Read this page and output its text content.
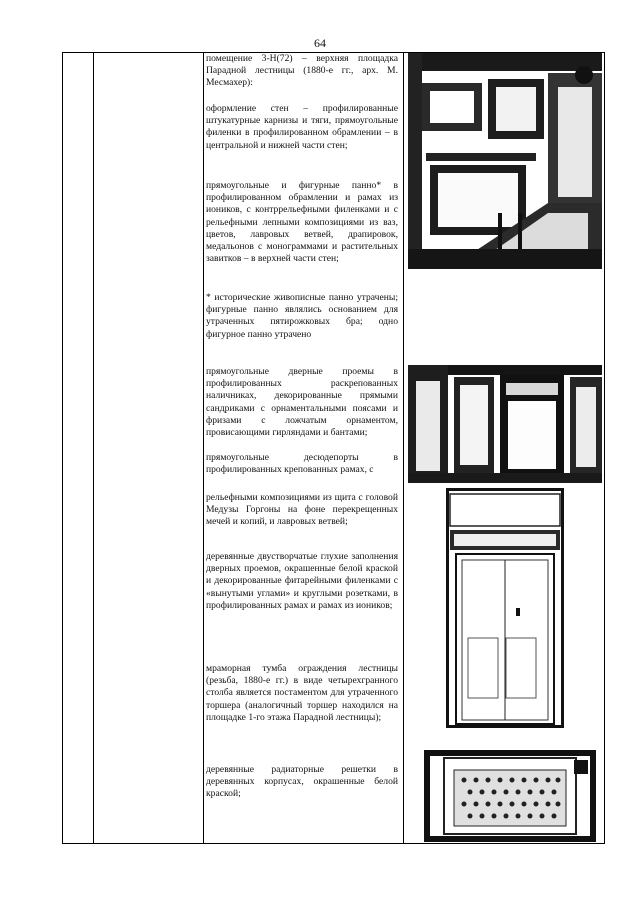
64
помещение 3-Н(72) – верхняя площадка Парадной лестницы (1880-е гг., арх. М. Месмахер):
оформление стен – профилированные штукатурные карнизы и тяги, прямоугольные филенки в профилированном обрамлении – в центральной и нижней части стен;
прямоугольные и фигурные панно* в профилированном обрамлении и рамах из иоников, с контррельефными филенками и с рельефными лепными композициями из ваз, цветов, лавровых ветвей, драпировок, медальонов с монограммами и растительных завитков – в верхней части стен;
* исторические живописные панно утрачены; фигурные панно являлись основанием для утраченных пятирожковых бра; одно фигурное панно утрачено
прямоугольные дверные проемы в профилированных раскрепованных наличниках, декорированные прямыми сандриками с орнаментальными поясами и фризами с ложчатым орнаментом, провисающими гирляндами и бантами;
прямоугольные десюдепорты в профилированных крепованных рамах, с
рельефными композициями из щита с головой Медузы Горгоны на фоне перекрещенных мечей и копий, и лавровых ветвей;
деревянные двустворчатые глухие заполнения дверных проемов, окрашенные белой краской и декорированные фитарейными филенками с «вынутыми углами» и круглыми розетками, в профилированных рамах и рамах из иоников;
мраморная тумба ограждения лестницы (резьба, 1880-е гг.) в виде четырехгранного столба является постаментом для утраченного торшера (аналогичный торшер находился на площадке 1-го этажа Парадной лестницы);
деревянные радиаторные решетки в деревянных корпусах, окрашенные белой краской;
